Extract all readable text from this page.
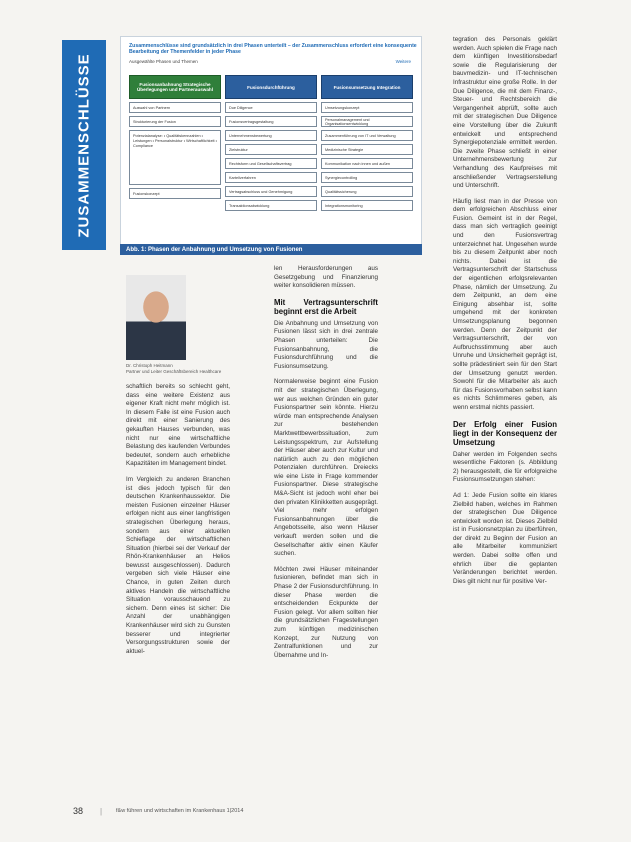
ZUSAMMENSCHLÜSSE
Zusammenschlüsse sind grundsätzlich in drei Phasen unterteilt – der Zusammenschluss erfordert eine konsequente Bearbeitung der Themenfelder in jeder Phase
Ausgewählte Phasen und Themen	Weitere
Fusionsanbahnung Strategische Überlegungen und Partnerauswahl
Auswahl von Partnern
Strukturierung der Fusion
Potenzialanalyse: • Qualitätskennzahlen • Leistungen • Personalstruktur • Wirtschaftlichkeit • Compliance
Fusionskonzept
Fusionsdurchführung
Due Diligence
Fusionsvertragsgestaltung
Unternehmensbewertung
Zielstruktur
Rechtsform und Gesellschaftsvertrag
Kartellverfahren
Vertragsabschluss und Genehmigung
Transaktionsabwicklung
Fusionsumsetzung Integration
Umsetzungskonzept
Personalmanagement und Organisationsentwicklung
Zusammenführung von IT und Verwaltung
Medizinische Strategie
Kommunikation nach innen und außen
Synergiecontrolling
Qualitätssicherung
Integrationsmonitoring
Abb. 1: Phasen der Anbahnung und Umsetzung von Fusionen
Dr. Christoph Heitmann
Partner und Leiter Geschäftsbereich Healthcare

schaftlich bereits so schlecht geht, dass eine weitere Existenz aus eigener Kraft nicht mehr möglich ist. In diesem Falle ist eine Fusion auch direkt mit einer Sanierung des gekauften Hauses verbunden, was nicht nur eine wirtschaftliche Belastung des kaufenden Verbundes bedeutet, sondern auch erhebliche Kapazitäten im Management bindet.

Im Vergleich zu anderen Branchen ist dies jedoch typisch für den deutschen Krankenhaussektor. Die meisten Fusionen einzelner Häuser erfolgen nicht aus einer langfristigen strategischen Überlegung heraus, sondern aus einer aktuellen Schieflage der wirtschaftlichen Situation (hierbei sei der Verkauf der Rhön-Krankenhäuser an Helios bewusst ausgeschlossen). Dadurch vergeben sich viele Häuser eine Chance, in guten Zeiten durch aktives Handeln die wirtschaftliche Situation vorausschauend zu sichern. Denn eines ist sicher: Die Anzahl der unabhängigen Krankenhäuser wird sich zu Gunsten besserer und integrierter Versorgungsstrukturen sowie der aktuel-

len Herausforderungen aus Gesetzgebung und Finanzierung weiter konsolidieren müssen.

Mit Vertragsunterschrift beginnt erst die Arbeit

Die Anbahnung und Umsetzung von Fusionen lässt sich in drei zentrale Phasen unterteilen: Die Fusionsanbahnung, die Fusionsdurchführung und die Fusionsumsetzung.

Normalerweise beginnt eine Fusion mit der strategischen Überlegung, wer aus welchen Gründen ein guter Fusionspartner sein könnte. Hierzu würde man entsprechende Analysen zur bestehenden Marktwettbewerbssituation, zum Leistungsspektrum, zur Aufstellung der Häuser aber auch zur Kultur und natürlich auch zu den möglichen Potenzialen durchführen. Dreiecks wie eine Liste in Frage kommender Fusionspartner. Diese strategische M&A-Sicht ist jedoch wohl eher bei den privaten Klinikketten ausgeprägt. Viel mehr erfolgen Fusionsanbahnungen über die Angebotsseite, also wenn Häuser verkauft werden sollen und die Gesellschafter aktiv einen Käufer suchen.

Möchten zwei Häuser miteinander fusionieren, befindet man sich in Phase 2 der Fusionsdurchführung. In dieser Phase werden die entscheidenden Eckpunkte der Fusion gelegt. Vor allem sollten hier die grundsätzlichen Fragestellungen zum künftigen medizinischen Konzept, zur Nutzung von Zentralfunktionen und zur Übernahme und In-

tegration des Personals geklärt werden. Auch spielen die Frage nach dem künftigen Investitionsbedarf sowie die Regularisierung der bauvmedizin- und IT-technischen Infrastruktur eine große Rolle. In der Due Diligence, die mit dem Finanz-, Steuer- und Rechtsbereich die Vergangenheit abprüft, sollte auch mit der strategischen Due Diligence eine Vorstellung über die Zukunft entwickelt und entsprechend Synergiepotenziale ermittelt werden. Die zweite Phase schließt in einer Unternehmensbewertung zur Verhandlung des Kaufpreises mit anschließender Vertragserstellung und Unterschrift.

Häufig liest man in der Presse von dem erfolgreichen Abschluss einer Fusion. Gemeint ist in der Regel, dass man sich vertraglich geeinigt und den Fusionsvertrag unterzeichnet hat. Ungesehen wurde bis zu diesem Zeitpunkt aber noch nichts. Dabei ist die Vertragsunterschrift der Startschuss der eigentlichen erfolgsrelevanten Phase, nämlich der Umsetzung. Zu dem Zeitpunkt, an dem eine Einigung absehbar ist, sollte umgehend mit der konkreten Umsetzungsplanung begonnen werden. Denn der Zeitpunkt der Vertragsunterschrift, der von Aufbruchsstimmung aber auch Unruhe und Unsicherheit geprägt ist, sollte prädestiniert sein für den Start der Umsetzung genutzt werden. Sowohl für die Mitarbeiter als auch für das Fusionsvorhaben selbst kann es nichts Schlimmeres geben, als wenn erstmal nichts passiert.

Der Erfolg einer Fusion liegt in der Konsequenz der Umsetzung

Daher werden im Folgenden sechs wesentliche Faktoren (s. Abbildung 2) herausgestellt, die für erfolgreiche Fusionsumsetzungen stehen:

Ad 1: Jede Fusion sollte ein klares Zielbild haben, welches im Rahmen der strategischen Due Diligence entwickelt worden ist. Dieses Zielbild ist in Fusionsnetzplan zu überführen, der direkt zu Beginn der Fusion an alle Mitarbeiter kommuniziert werden. Dabei sollte offen und ehrlich über die geplanten Veränderungen berichtet werden. Dies gilt nicht nur für positive Ver-

38 |	f&w führen und wirtschaften im Krankenhaus 1|2014
